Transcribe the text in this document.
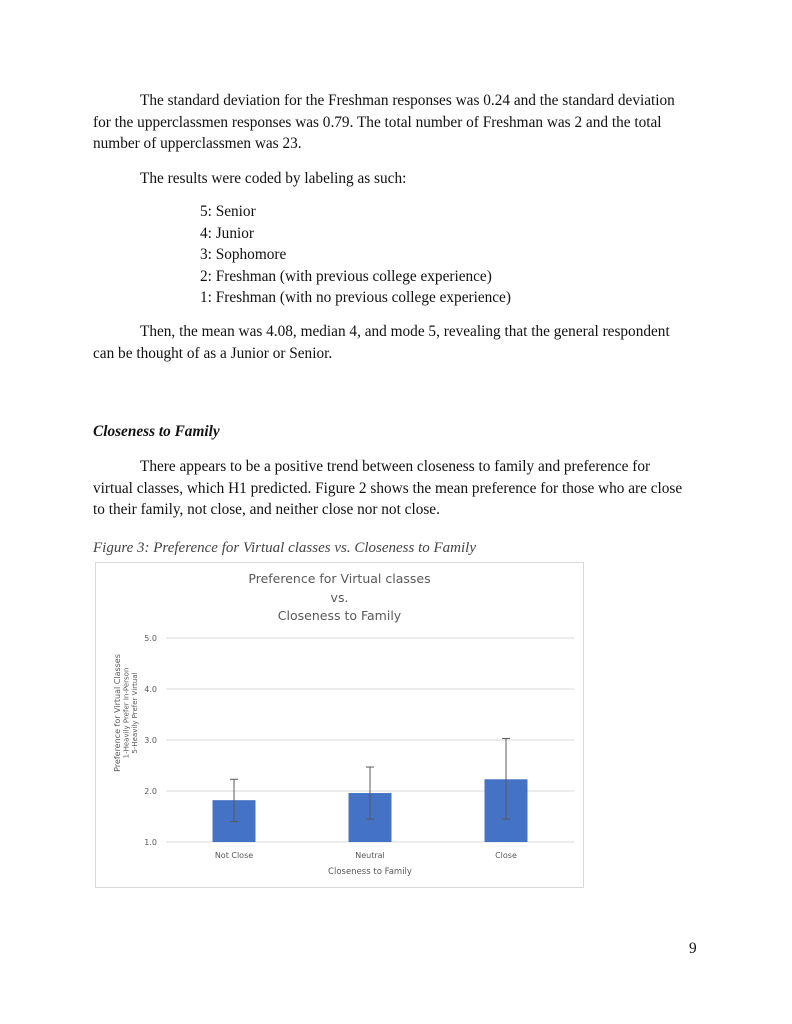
The standard deviation for the Freshman responses was 0.24 and the standard deviation
for the upperclassmen responses was 0.79. The total number of Freshman was 2 and the total
number of upperclassmen was 23.

The results were coded by labeling as such:

5: Senior
4: Junior
3: Sophomore
2: Freshman (with previous college experience)
1: Freshman (with no previous college experience)

Then, the mean was 4.08, median 4, and mode 5, revealing that the general respondent
can be thought of as a Junior or Senior.

Closeness to Family

There appears to be a positive trend between closeness to family and preference for
virtual classes, which H1 predicted. Figure 2 shows the mean preference for those who are close
to their family, not close, and neither close nor not close.

Figure 3: Preference for Virtual classes vs. Closeness to Family

Preference for Virtual classes
vs.
Closeness to Family
1.0
2.0
3.0
4.0
5.0
Not Close	Neutral	Close
Closeness to Family
Preference for Virtual Classes 1-Heavily Prefer In-Person 5-Heavily Prefer Virtual

9
